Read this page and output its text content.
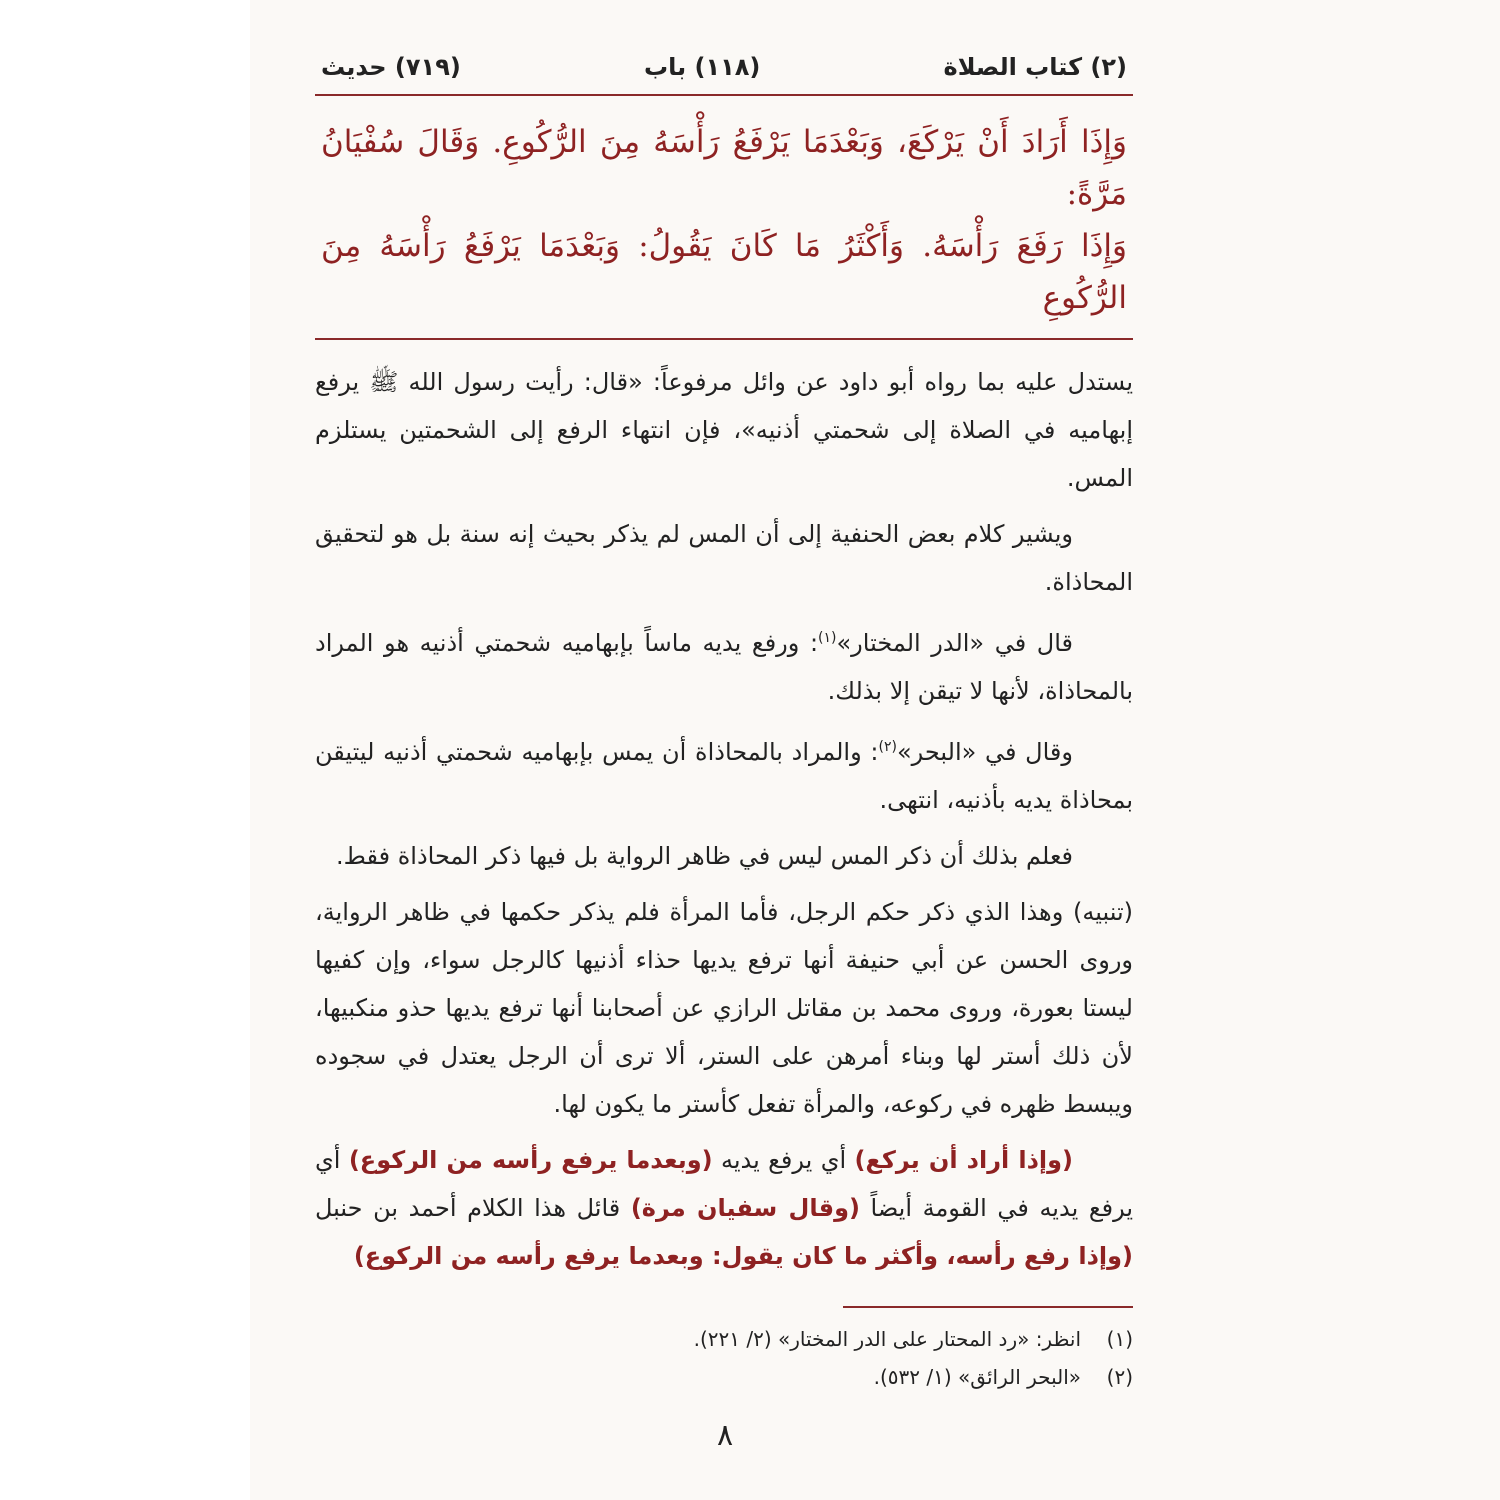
(٢) كتاب الصلاة
(١١٨) باب
(٧١٩) حديث
وَإِذَا أَرَادَ أَنْ يَرْكَعَ، وَبَعْدَمَا يَرْفَعُ رَأْسَهُ مِنَ الرُّكُوعِ. وَقَالَ سُفْيَانُ مَرَّةً:
وَإِذَا رَفَعَ رَأْسَهُ. وَأَكْثَرُ مَا كَانَ يَقُولُ: وَبَعْدَمَا يَرْفَعُ رَأْسَهُ مِنَ الرُّكُوعِ

يستدل عليه بما رواه أبو داود عن وائل مرفوعاً: «قال: رأيت رسول الله ﷺ يرفع إبهاميه في الصلاة إلى شحمتي أذنيه»، فإن انتهاء الرفع إلى الشحمتين يستلزم المس.

ويشير كلام بعض الحنفية إلى أن المس لم يذكر بحيث إنه سنة بل هو لتحقيق المحاذاة.

قال في «الدر المختار»$^{(١)}$: ورفع يديه ماساً بإبهاميه شحمتي أذنيه هو المراد بالمحاذاة، لأنها لا تيقن إلا بذلك.

وقال في «البحر»$^{(٢)}$: والمراد بالمحاذاة أن يمس بإبهاميه شحمتي أذنيه ليتيقن بمحاذاة يديه بأذنيه، انتهى.

فعلم بذلك أن ذكر المس ليس في ظاهر الرواية بل فيها ذكر المحاذاة فقط.

(تنبيه) وهذا الذي ذكر حكم الرجل، فأما المرأة فلم يذكر حكمها في ظاهر الرواية، وروى الحسن عن أبي حنيفة أنها ترفع يديها حذاء أذنيها كالرجل سواء، وإن كفيها ليستا بعورة، وروى محمد بن مقاتل الرازي عن أصحابنا أنها ترفع يديها حذو منكبيها، لأن ذلك أستر لها وبناء أمرهن على الستر، ألا ترى أن الرجل يعتدل في سجوده ويبسط ظهره في ركوعه، والمرأة تفعل كأستر ما يكون لها.

(وإذا أراد أن يركع) أي يرفع يديه (وبعدما يرفع رأسه من الركوع) أي يرفع يديه في القومة أيضاً (وقال سفيان مرة) قائل هذا الكلام أحمد بن حنبل (وإذا رفع رأسه، وأكثر ما كان يقول: وبعدما يرفع رأسه من الركوع)

(١)انظر: «رد المحتار على الدر المختار» (٢/ ٢٢١).

(٢)«البحر الرائق» (١/ ٥٣٢).

٨
